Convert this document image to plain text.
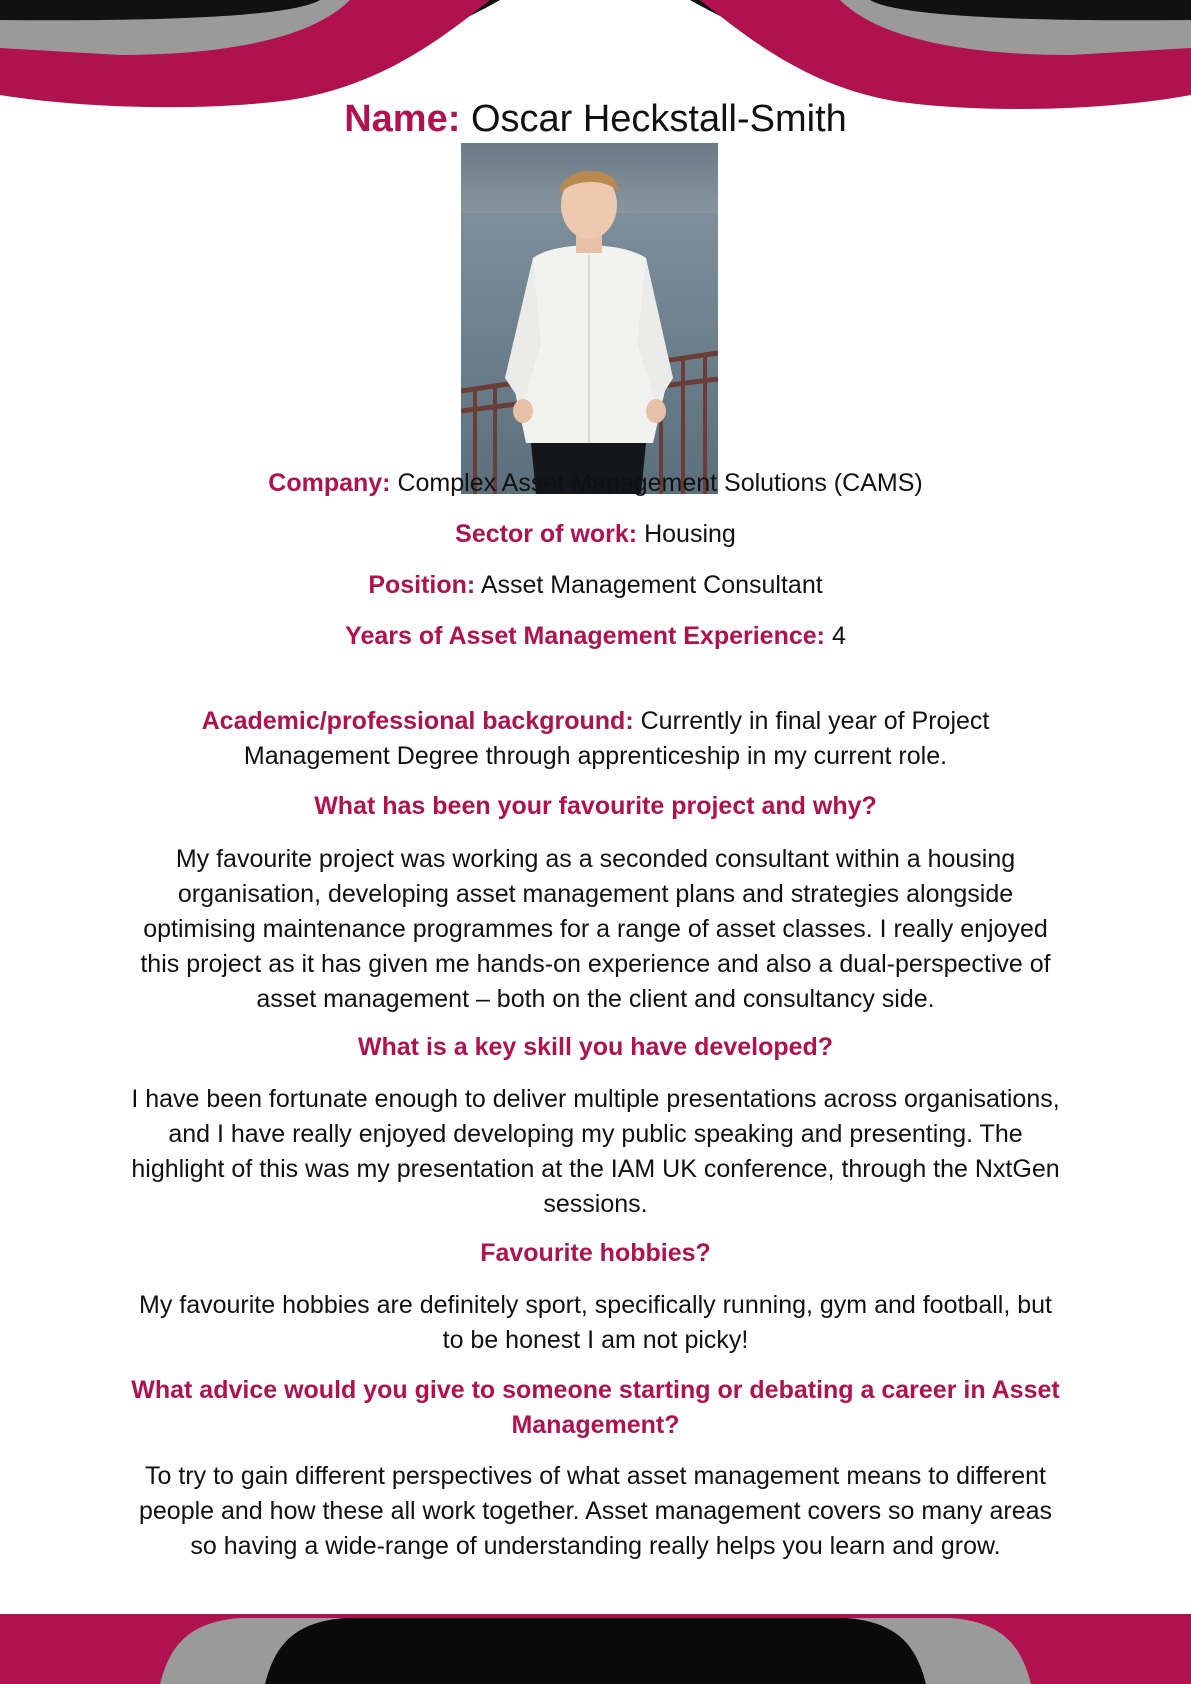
Name: Oscar Heckstall-Smith
Company: Complex Asset Management Solutions (CAMS)
Sector of work: Housing
Position: Asset Management Consultant
Years of Asset Management Experience: 4
Academic/professional background: Currently in final year of Project
Management Degree through apprenticeship in my current role.
What has been your favourite project and why?
My favourite project was working as a seconded consultant within a housing
organisation, developing asset management plans and strategies alongside
optimising maintenance programmes for a range of asset classes. I really enjoyed
this project as it has given me hands-on experience and also a dual-perspective of
asset management – both on the client and consultancy side.
What is a key skill you have developed?
I have been fortunate enough to deliver multiple presentations across organisations,
and I have really enjoyed developing my public speaking and presenting. The
highlight of this was my presentation at the IAM UK conference, through the NxtGen
sessions.
Favourite hobbies?
My favourite hobbies are definitely sport, specifically running, gym and football, but
to be honest I am not picky!
What advice would you give to someone starting or debating a career in Asset
Management?
To try to gain different perspectives of what asset management means to different
people and how these all work together. Asset management covers so many areas
so having a wide-range of understanding really helps you learn and grow.
